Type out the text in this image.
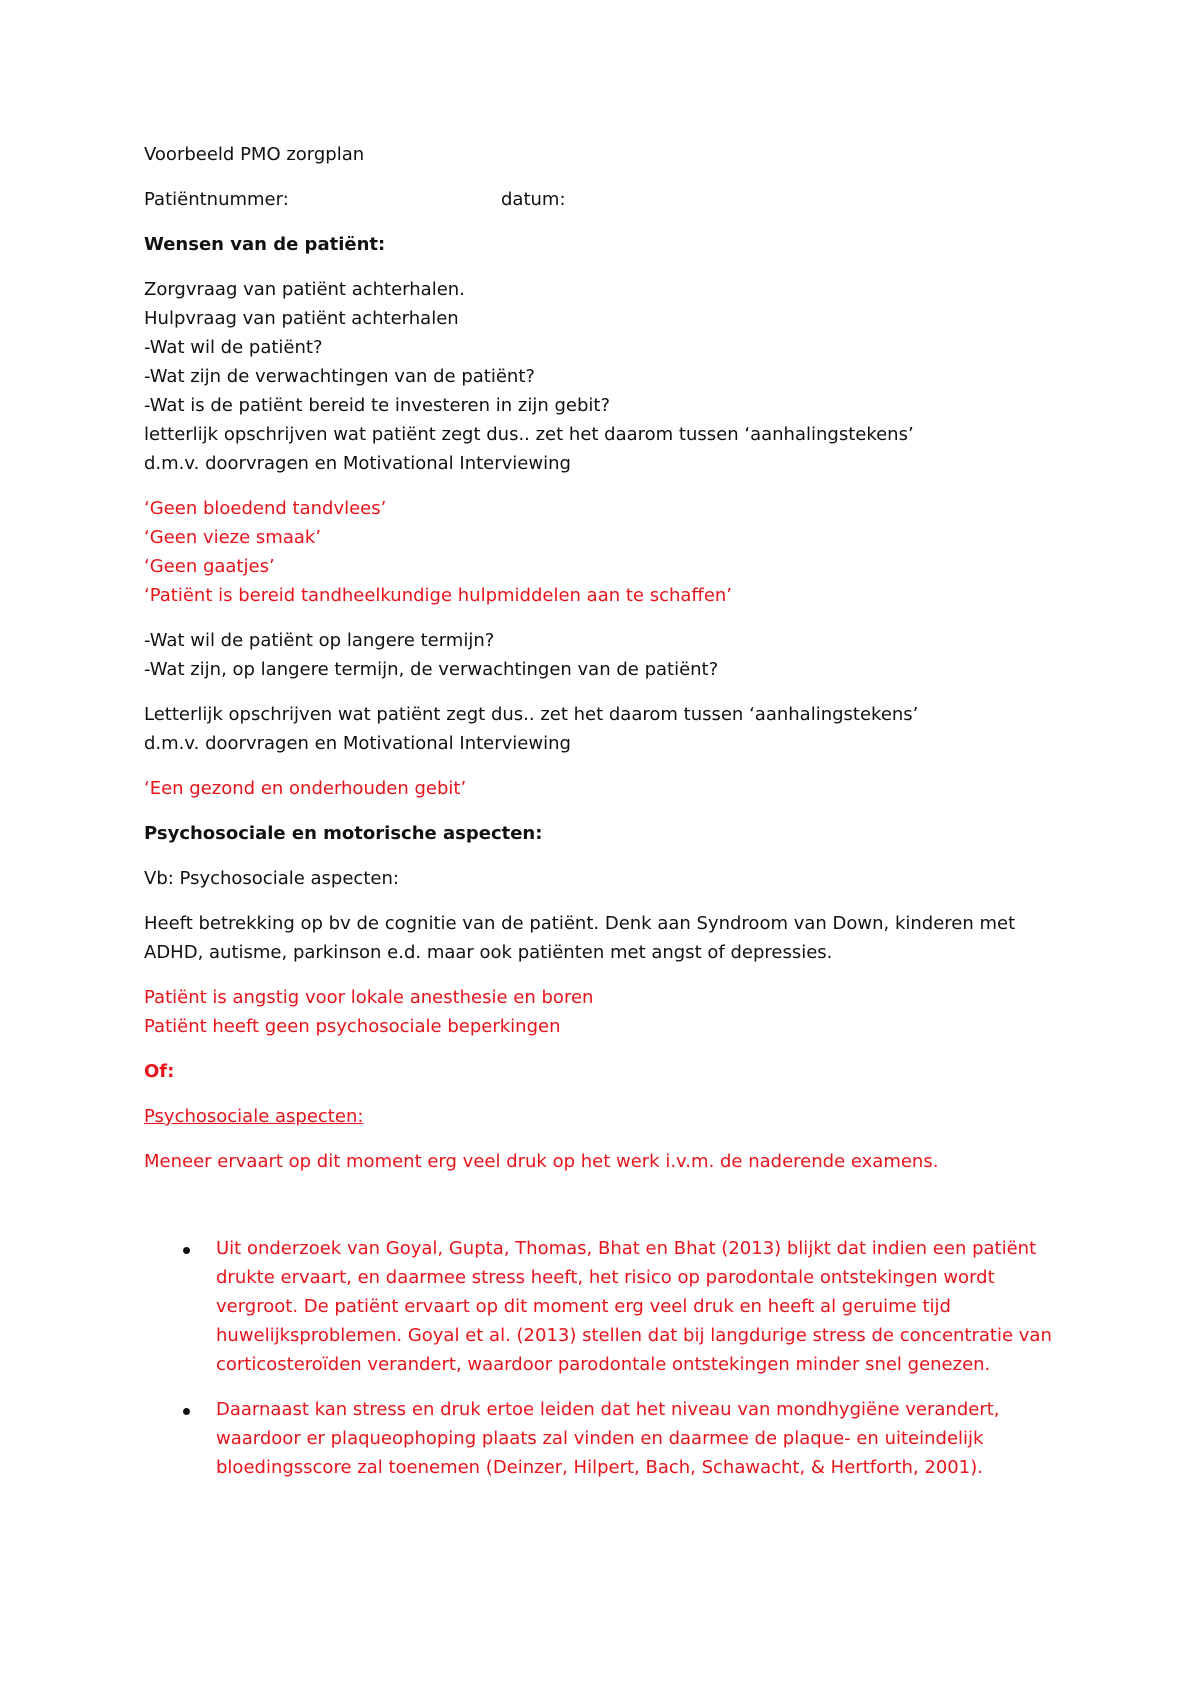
Voorbeeld PMO zorgplan

Patiëntnummer:	datum:

Wensen van de patiënt:

Zorgvraag van patiënt achterhalen.
Hulpvraag van patiënt achterhalen
-Wat wil de patiënt?
-Wat zijn de verwachtingen van de patiënt?
-Wat is de patiënt bereid te investeren in zijn gebit?
letterlijk opschrijven wat patiënt zegt dus.. zet het daarom tussen ‘aanhalingstekens’
d.m.v. doorvragen en Motivational Interviewing

‘Geen bloedend tandvlees’
‘Geen vieze smaak’
‘Geen gaatjes’
‘Patiënt is bereid tandheelkundige hulpmiddelen aan te schaffen’

-Wat wil de patiënt op langere termijn?
-Wat zijn, op langere termijn, de verwachtingen van de patiënt?

Letterlijk opschrijven wat patiënt zegt dus.. zet het daarom tussen ‘aanhalingstekens’
d.m.v. doorvragen en Motivational Interviewing

‘Een gezond en onderhouden gebit’

Psychosociale en motorische aspecten:

Vb: Psychosociale aspecten:

Heeft betrekking op bv de cognitie van de patiënt. Denk aan Syndroom van Down, kinderen met
ADHD, autisme, parkinson e.d. maar ook patiënten met angst of depressies.

Patiënt is angstig voor lokale anesthesie en boren
Patiënt heeft geen psychosociale beperkingen

Of:

Psychosociale aspecten:

Meneer ervaart op dit moment erg veel druk op het werk i.v.m. de naderende examens.

Uit onderzoek van Goyal, Gupta, Thomas, Bhat en Bhat (2013) blijkt dat indien een patiënt
drukte ervaart, en daarmee stress heeft, het risico op parodontale ontstekingen wordt
vergroot. De patiënt ervaart op dit moment erg veel druk en heeft al geruime tijd
huwelijksproblemen. Goyal et al. (2013) stellen dat bij langdurige stress de concentratie van
corticosteroïden verandert, waardoor parodontale ontstekingen minder snel genezen.
Daarnaast kan stress en druk ertoe leiden dat het niveau van mondhygiëne verandert,
waardoor er plaqueophoping plaats zal vinden en daarmee de plaque- en uiteindelijk
bloedingsscore zal toenemen (Deinzer, Hilpert, Bach, Schawacht, & Hertforth, 2001).
